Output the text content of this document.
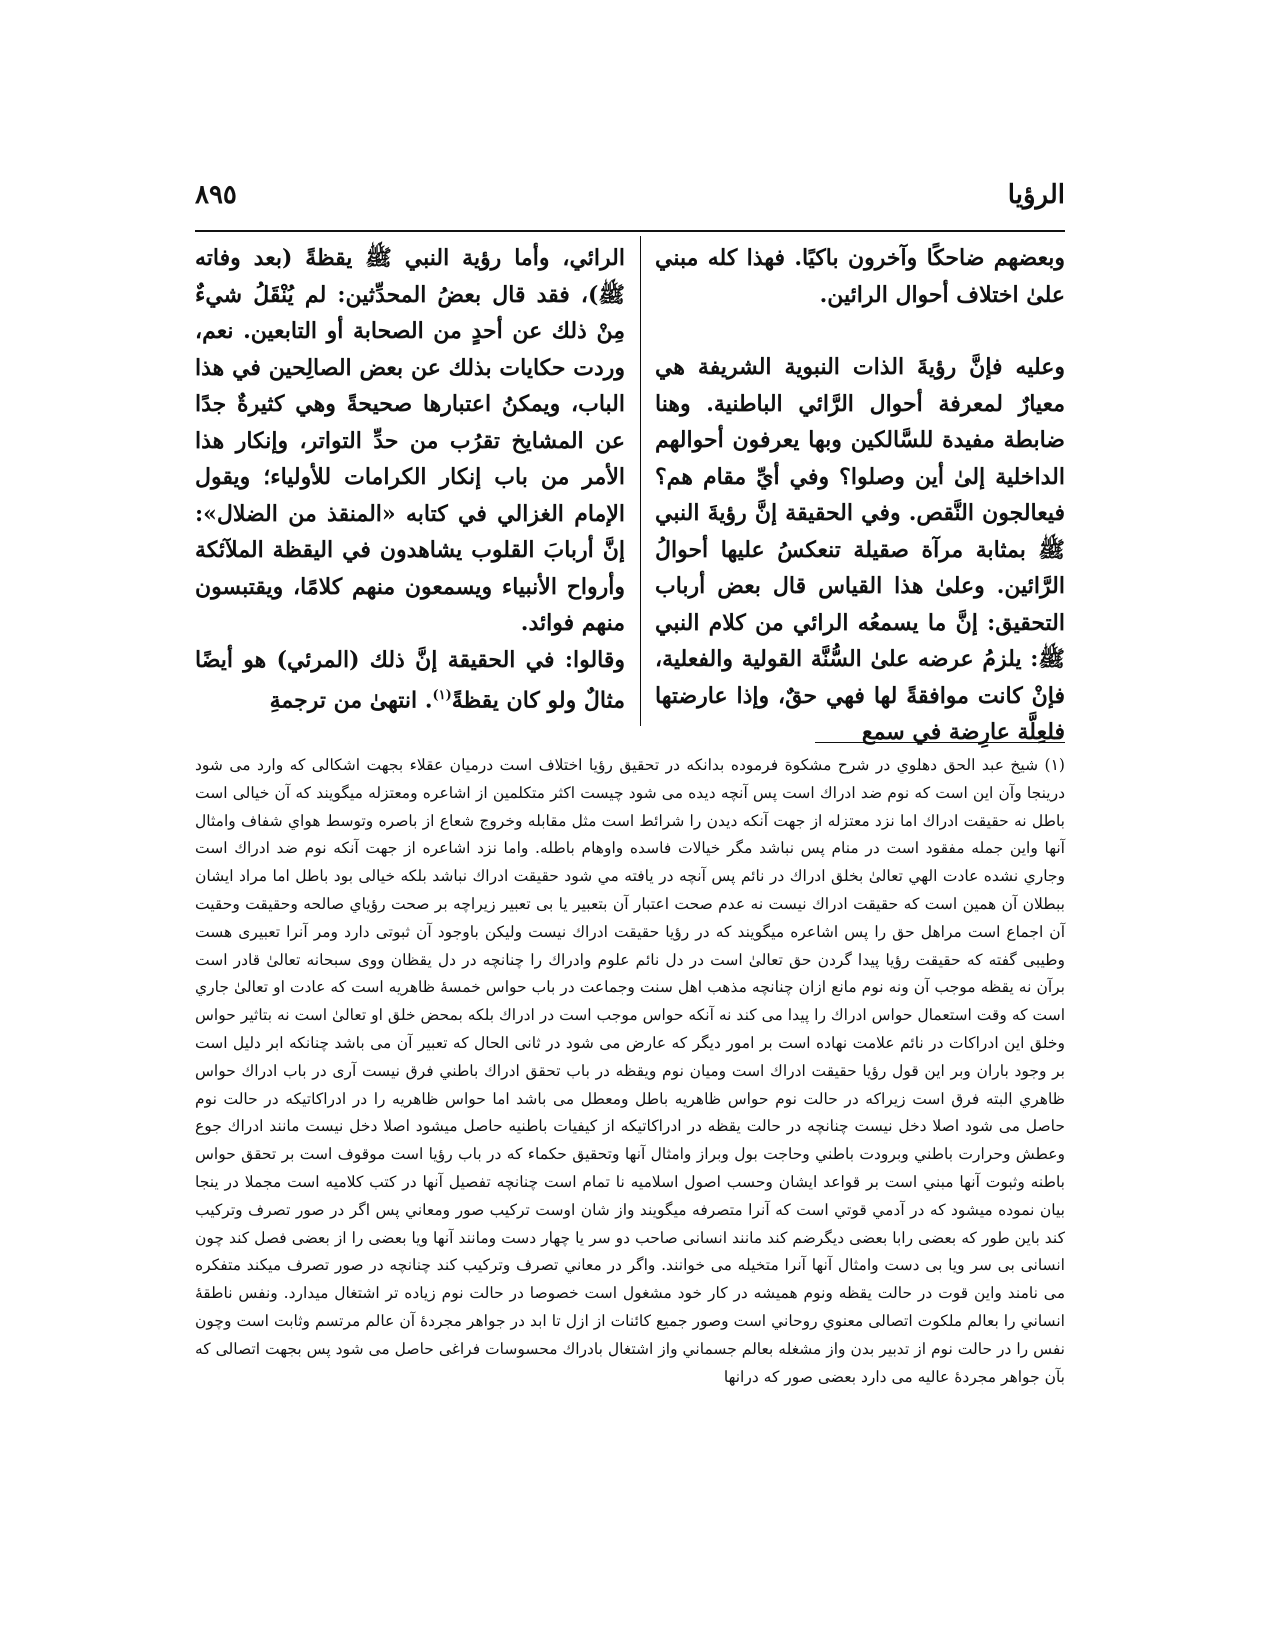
الرؤيا
٨٩٥

وبعضهم ضاحكًا وآخرون باكيًا. فهذا كله مبني علىٰ اختلاف أحوال الرائين.

وعليه فإنَّ رؤيةَ الذات النبوية الشريفة هي معيارٌ لمعرفة أحوال الرَّائي الباطنية. وهنا ضابطة مفيدة للسَّالكين وبها يعرفون أحوالهم الداخلية إلىٰ أين وصلوا؟ وفي أيِّ مقام هم؟ فيعالجون النَّقص. وفي الحقيقة إنَّ رؤيةَ النبي ﷺ بمثابة مرآة صقيلة تنعكسُ عليها أحوالُ الرَّائين. وعلىٰ هذا القياس قال بعض أرباب التحقيق: إنَّ ما يسمعُه الرائي من كلام النبي ﷺ: يلزمُ عرضه علىٰ السُّنَّة القولية والفعلية، فإنْ كانت موافقةً لها فهي حقٌ، وإذا عارضتها فلعِلَّة عارِضة في سمع

الرائي، وأما رؤية النبي ﷺ يقظةً (بعد وفاته ﷺ)، فقد قال بعضُ المحدِّثين: لم يُنْقَلُ شيءٌ مِنْ ذلك عن أحدٍ من الصحابة أو التابعين. نعم، وردت حكايات بذلك عن بعض الصالِحين في هذا الباب، ويمكنُ اعتبارها صحيحةً وهي كثيرةٌ جدًا عن المشايخ تقرُب من حدِّ التواتر، وإنكار هذا الأمر من باب إنكار الكرامات للأولياء؛ ويقول الإمام الغزالي في كتابه «المنقذ من الضلال»: إنَّ أربابَ القلوب يشاهدون في اليقظة الملآئكة وأرواح الأنبياء ويسمعون منهم كلامًا، ويقتبسون منهم فوائد.

وقالوا: في الحقيقة إنَّ ذلك (المرئي) هو أيضًا مثالٌ ولو كان يقظةً$^{(١)}$. انتهىٰ من ترجمةِ

(١) شيخ عبد الحق دهلوي در شرح مشكوة فرموده بدانكه در تحقيق رؤيا اختلاف است درميان عقلاء بجهت اشكالى كه وارد مى شود درينجا وآن اين است كه نوم ضد ادراك است پس آنچه ديده مى شود چيست اكثر متكلمين از اشاعره ومعتزله ميگويند كه آن خيالى است باطل نه حقيقت ادراك اما نزد معتزله از جهت آنكه ديدن را شرائط است مثل مقابله وخروج شعاع از باصره وتوسط هواي شفاف وامثال آنها واين جمله مفقود است در منام پس نباشد مگر خيالات فاسده واوهام باطله. واما نزد اشاعره از جهت آنكه نوم ضد ادراك است وجاري نشده عادت الهي تعالىٰ بخلق ادراك در نائم پس آنچه در يافته مي شود حقيقت ادراك نباشد بلكه خيالى بود باطل اما مراد ايشان ببطلان آن همين است كه حقيقت ادراك نيست نه عدم صحت اعتبار آن بتعبير يا بى تعبير زيراچه بر صحت رؤياي صالحه وحقيقت وحقيت آن اجماع است مراهل حق را پس اشاعره ميگويند كه در رؤيا حقيقت ادراك نيست وليكن باوجود آن ثبوتى دارد ومر آنرا تعبيرى هست وطيبى گفته كه حقيقت رؤيا پيدا گردن حق تعالىٰ است در دل نائم علوم وادراك را چنانچه در دل يقظان ووى سبحانه تعالىٰ قادر است برآن نه يقظه موجب آن ونه نوم مانع ازان چنانچه مذهب اهل سنت وجماعت در باب حواس خمسهٔ ظاهريه است كه عادت او تعالىٰ جاري است كه وقت استعمال حواس ادراك را پيدا مى كند نه آنكه حواس موجب است در ادراك بلكه بمحض خلق او تعالىٰ است نه بتاثير حواس وخلق اين ادراكات در نائم علامت نهاده است بر امور ديگر كه عارض مى شود در ثانى الحال كه تعبير آن مى باشد چنانكه ابر دليل است بر وجود باران وبر اين قول رؤيا حقيقت ادراك است وميان نوم ويقظه در باب تحقق ادراك باطني فرق نيست آرى در باب ادراك حواس ظاهري البته فرق است زيراكه در حالت نوم حواس ظاهريه باطل ومعطل مى باشد اما حواس ظاهريه را در ادراكاتيكه در حالت نوم حاصل مى شود اصلا دخل نيست چنانچه در حالت يقظه در ادراكاتيكه از كيفيات باطنيه حاصل ميشود اصلا دخل نيست مانند ادراك جوع وعطش وحرارت باطني وبرودت باطني وحاجت بول وبراز وامثال آنها وتحقيق حكماء كه در باب رؤيا است موقوف است بر تحقق حواس باطنه وثبوت آنها مبني است بر قواعد ايشان وحسب اصول اسلاميه نا تمام است چنانچه تفصيل آنها در كتب كلاميه است مجملا در ينجا بيان نموده ميشود كه در آدمي قوتي است كه آنرا متصرفه ميگويند واز شان اوست تركيب صور ومعاني پس اگر در صور تصرف وتركيب كند باين طور كه بعضى رابا بعضى ديگرضم كند مانند انسانى صاحب دو سر يا چهار دست ومانند آنها ويا بعضى را از بعضى فصل كند چون انسانى بى سر ويا بى دست وامثال آنها آنرا متخيله مى خوانند. واگر در معاني تصرف وتركيب كند چنانچه در صور تصرف ميكند متفكره مى نامند واين قوت در حالت يقظه ونوم هميشه در كار خود مشغول است خصوصا در حالت نوم زياده تر اشتغال ميدارد. ونفس ناطقهٔ انساني را بعالم ملكوت اتصالى معنوي روحاني است وصور جميع كائنات از ازل تا ابد در جواهر مجردهٔ آن عالم مرتسم وثابت است وچون نفس را در حالت نوم از تدبير بدن واز مشغله بعالم جسماني واز اشتغال بادراك محسوسات فراغى حاصل مى شود پس بجهت اتصالى كه بآن جواهر مجردهٔ عاليه مى دارد بعضى صور كه درانها
